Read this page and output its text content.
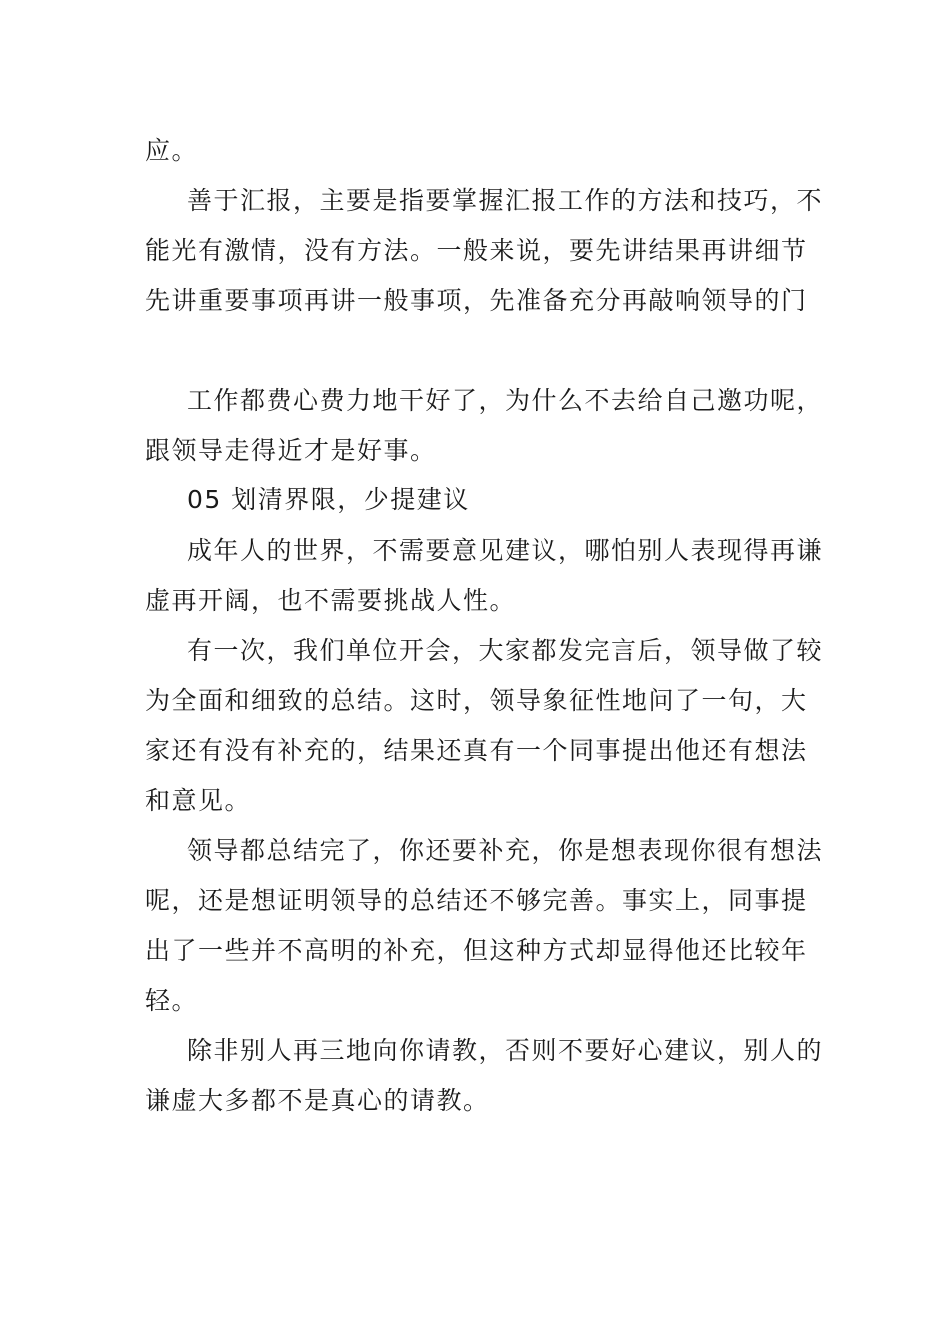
应。
善于汇报，主要是指要掌握汇报工作的方法和技巧，不
能光有激情，没有方法。一般来说，要先讲结果再讲细节
先讲重要事项再讲一般事项，先准备充分再敲响领导的门
工作都费心费力地干好了，为什么不去给自己邀功呢，
跟领导走得近才是好事。
05 划清界限，少提建议
成年人的世界，不需要意见建议，哪怕别人表现得再谦
虚再开阔，也不需要挑战人性。
有一次，我们单位开会，大家都发完言后，领导做了较
为全面和细致的总结。这时，领导象征性地问了一句，大
家还有没有补充的，结果还真有一个同事提出他还有想法
和意见。
领导都总结完了，你还要补充，你是想表现你很有想法
呢，还是想证明领导的总结还不够完善。事实上，同事提
出了一些并不高明的补充，但这种方式却显得他还比较年
轻。
除非别人再三地向你请教，否则不要好心建议，别人的
谦虚大多都不是真心的请教。
